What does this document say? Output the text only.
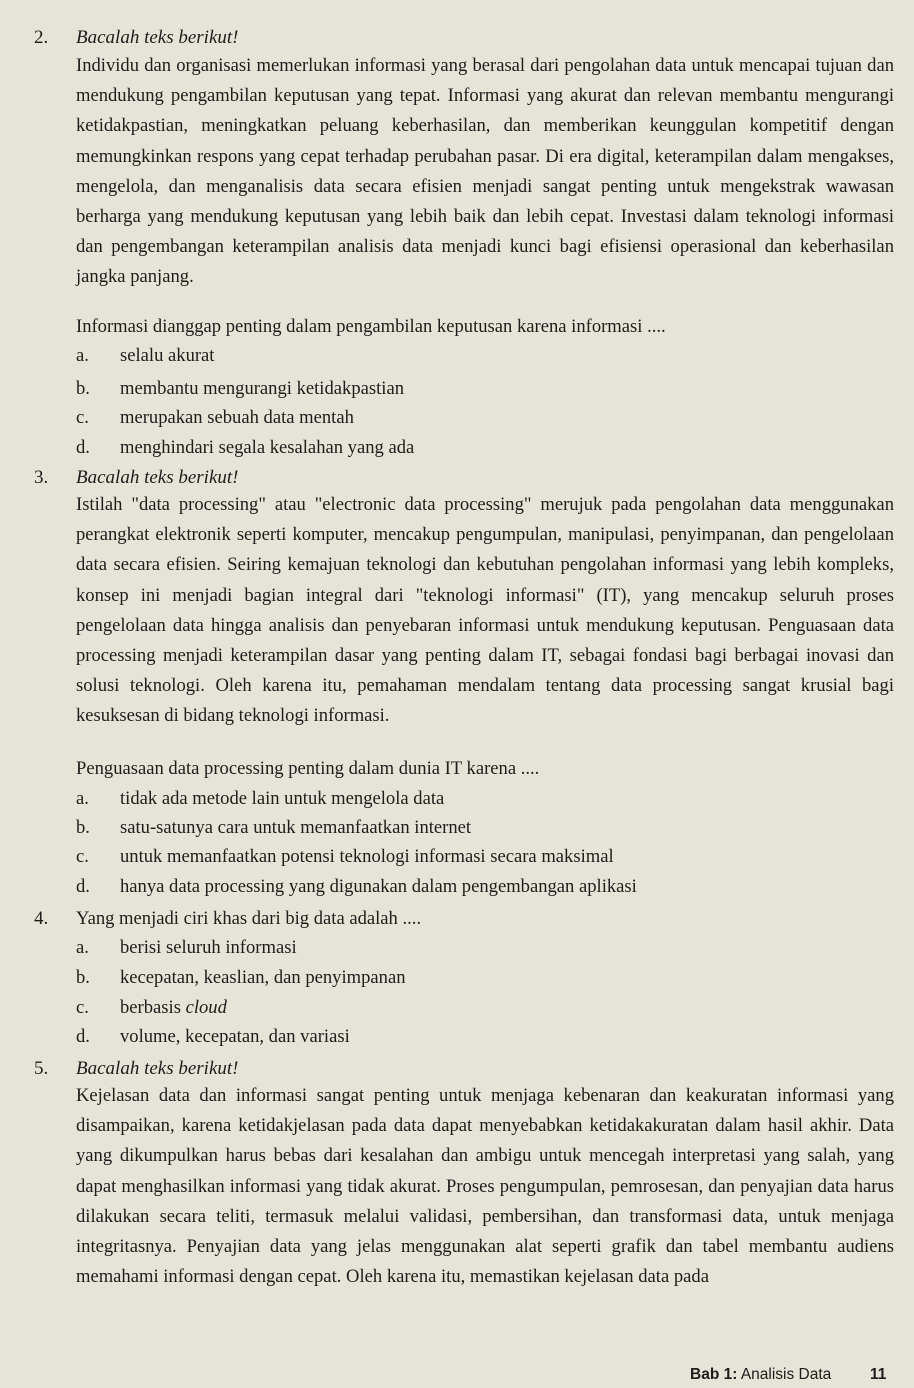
2. Bacalah teks berikut!
Individu dan organisasi memerlukan informasi yang berasal dari pengolahan data untuk mencapai tujuan dan mendukung pengambilan keputusan yang tepat. Informasi yang akurat dan relevan membantu mengurangi ketidakpastian, meningkatkan peluang keberhasilan, dan memberikan keunggulan kompetitif dengan memungkinkan respons yang cepat terhadap perubahan pasar. Di era digital, keterampilan dalam mengakses, mengelola, dan menganalisis data secara efisien menjadi sangat penting untuk mengekstrak wawasan berharga yang mendukung keputusan yang lebih baik dan lebih cepat. Investasi dalam teknologi informasi dan pengembangan keterampilan analisis data menjadi kunci bagi efisiensi operasional dan keberhasilan jangka panjang.
Informasi dianggap penting dalam pengambilan keputusan karena informasi ....
a. selalu akurat
b. membantu mengurangi ketidakpastian
c. merupakan sebuah data mentah
d. menghindari segala kesalahan yang ada
3. Bacalah teks berikut!
Istilah "data processing" atau "electronic data processing" merujuk pada pengolahan data menggunakan perangkat elektronik seperti komputer, mencakup pengumpulan, manipulasi, penyimpanan, dan pengelolaan data secara efisien. Seiring kemajuan teknologi dan kebutuhan pengolahan informasi yang lebih kompleks, konsep ini menjadi bagian integral dari "teknologi informasi" (IT), yang mencakup seluruh proses pengelolaan data hingga analisis dan penyebaran informasi untuk mendukung keputusan. Penguasaan data processing menjadi keterampilan dasar yang penting dalam IT, sebagai fondasi bagi berbagai inovasi dan solusi teknologi. Oleh karena itu, pemahaman mendalam tentang data processing sangat krusial bagi kesuksesan di bidang teknologi informasi.
Penguasaan data processing penting dalam dunia IT karena ....
a. tidak ada metode lain untuk mengelola data
b. satu-satunya cara untuk memanfaatkan internet
c. untuk memanfaatkan potensi teknologi informasi secara maksimal
d. hanya data processing yang digunakan dalam pengembangan aplikasi
4. Yang menjadi ciri khas dari big data adalah ....
a. berisi seluruh informasi
b. kecepatan, keaslian, dan penyimpanan
c. berbasis cloud
d. volume, kecepatan, dan variasi
5. Bacalah teks berikut!
Kejelasan data dan informasi sangat penting untuk menjaga kebenaran dan keakuratan informasi yang disampaikan, karena ketidakjelasan pada data dapat menyebabkan ketidakakuratan dalam hasil akhir. Data yang dikumpulkan harus bebas dari kesalahan dan ambigu untuk mencegah interpretasi yang salah, yang dapat menghasilkan informasi yang tidak akurat. Proses pengumpulan, pemrosesan, dan penyajian data harus dilakukan secara teliti, termasuk melalui validasi, pembersihan, dan transformasi data, untuk menjaga integritasnya. Penyajian data yang jelas menggunakan alat seperti grafik dan tabel membantu audiens memahami informasi dengan cepat. Oleh karena itu, memastikan kejelasan data pada
Bab 1: Analisis Data 11
